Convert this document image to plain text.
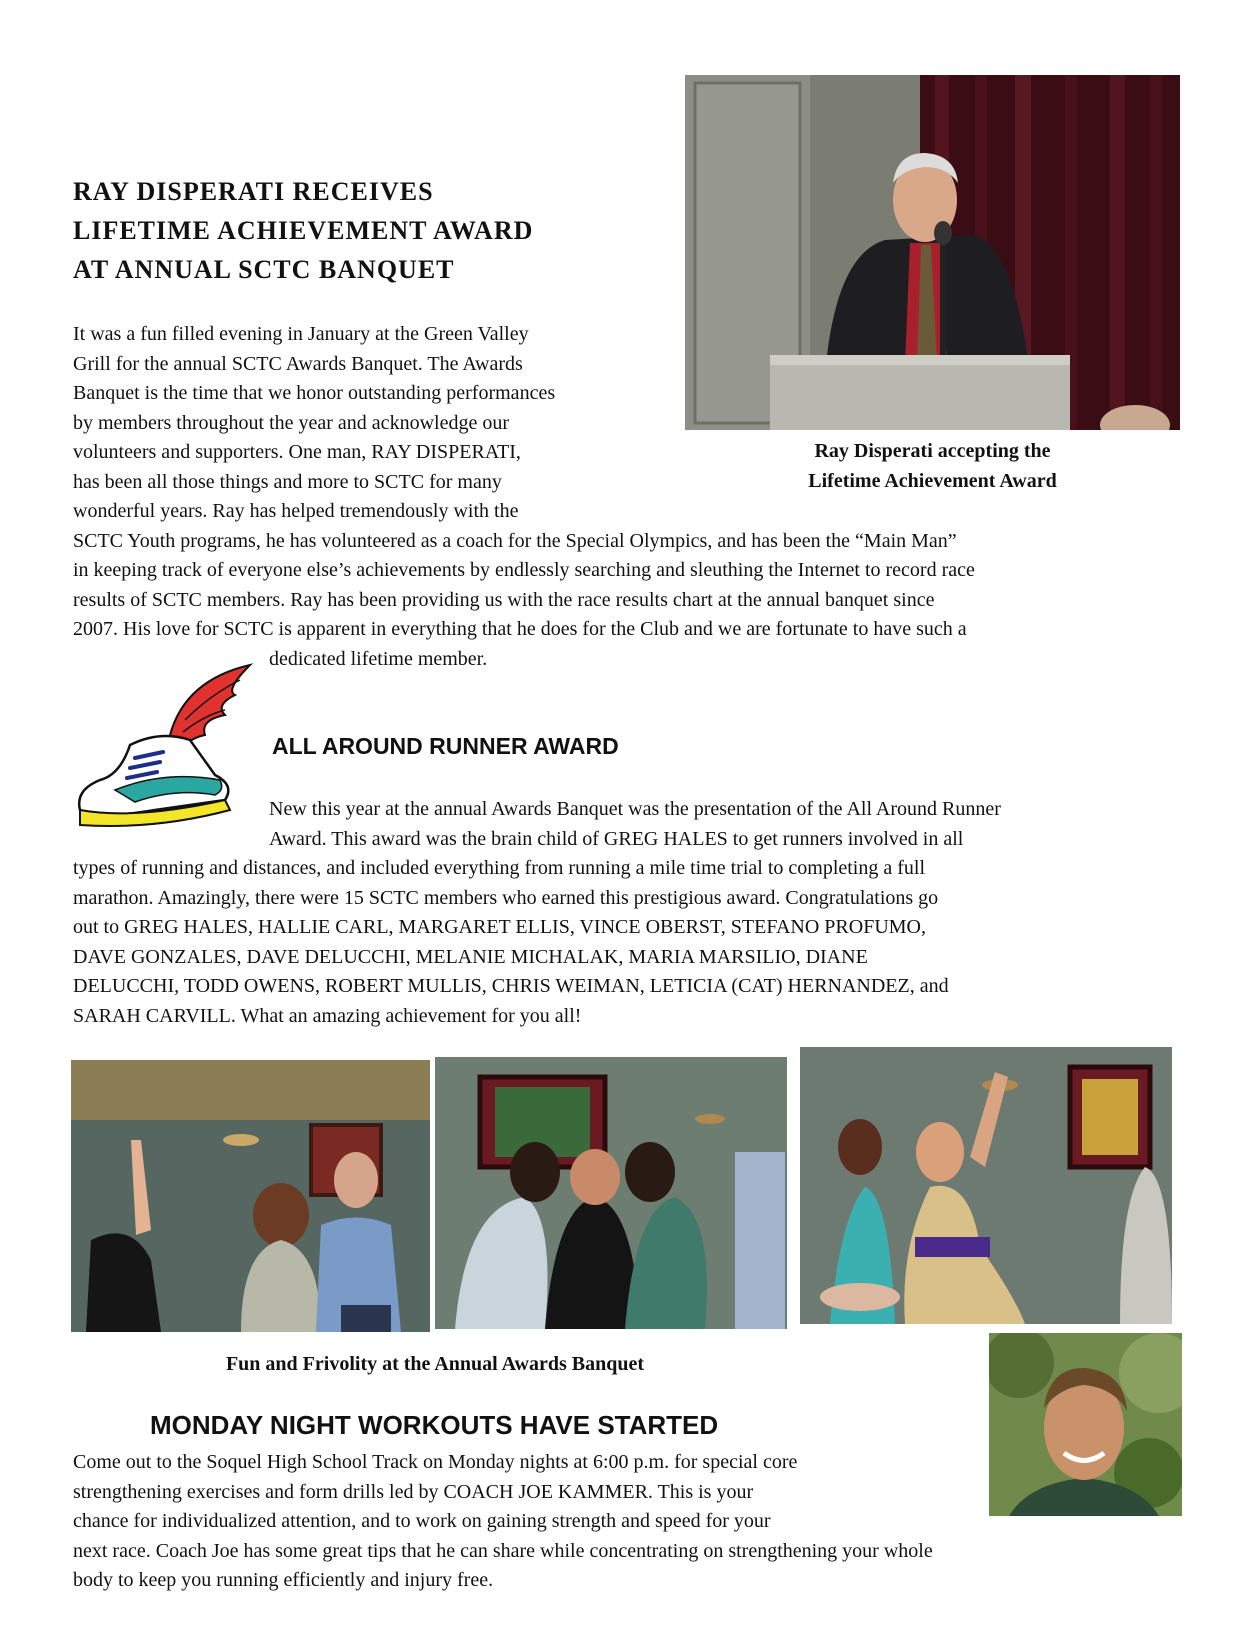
RAY DISPERATI RECEIVES
LIFETIME ACHIEVEMENT AWARD
AT ANNUAL SCTC BANQUET
Ray Disperati accepting the
Lifetime Achievement Award
It was a fun filled evening in January at the Green Valley
Grill for the annual SCTC Awards Banquet. The Awards
Banquet is the time that we honor outstanding performances
by members throughout the year and acknowledge our
volunteers and supporters. One man, RAY DISPERATI,
has been all those things and more to SCTC for many
wonderful years. Ray has helped tremendously with the
SCTC Youth programs, he has volunteered as a coach for the Special Olympics, and has been the “Main Man”
in keeping track of everyone else’s achievements by endlessly searching and sleuthing the Internet to record race
results of SCTC members. Ray has been providing us with the race results chart at the annual banquet since
2007. His love for SCTC is apparent in everything that he does for the Club and we are fortunate to have such a
dedicated lifetime member.
ALL AROUND RUNNER AWARD
New this year at the annual Awards Banquet was the presentation of the All Around Runner
Award. This award was the brain child of GREG HALES to get runners involved in all
types of running and distances, and included everything from running a mile time trial to completing a full
marathon. Amazingly, there were 15 SCTC members who earned this prestigious award. Congratulations go
out to GREG HALES, HALLIE CARL, MARGARET ELLIS, VINCE OBERST, STEFANO PROFUMO,
DAVE GONZALES, DAVE DELUCCHI, MELANIE MICHALAK, MARIA MARSILIO, DIANE
DELUCCHI, TODD OWENS, ROBERT MULLIS, CHRIS WEIMAN, LETICIA (CAT) HERNANDEZ, and
SARAH CARVILL. What an amazing achievement for you all!
Fun and Frivolity at the Annual Awards Banquet
MONDAY NIGHT WORKOUTS HAVE STARTED
Come out to the Soquel High School Track on Monday nights at 6:00 p.m. for special core
strengthening exercises and form drills led by COACH JOE KAMMER. This is your
chance for individualized attention, and to work on gaining strength and speed for your
next race. Coach Joe has some great tips that he can share while concentrating on strengthening your whole
body to keep you running efficiently and injury free.
